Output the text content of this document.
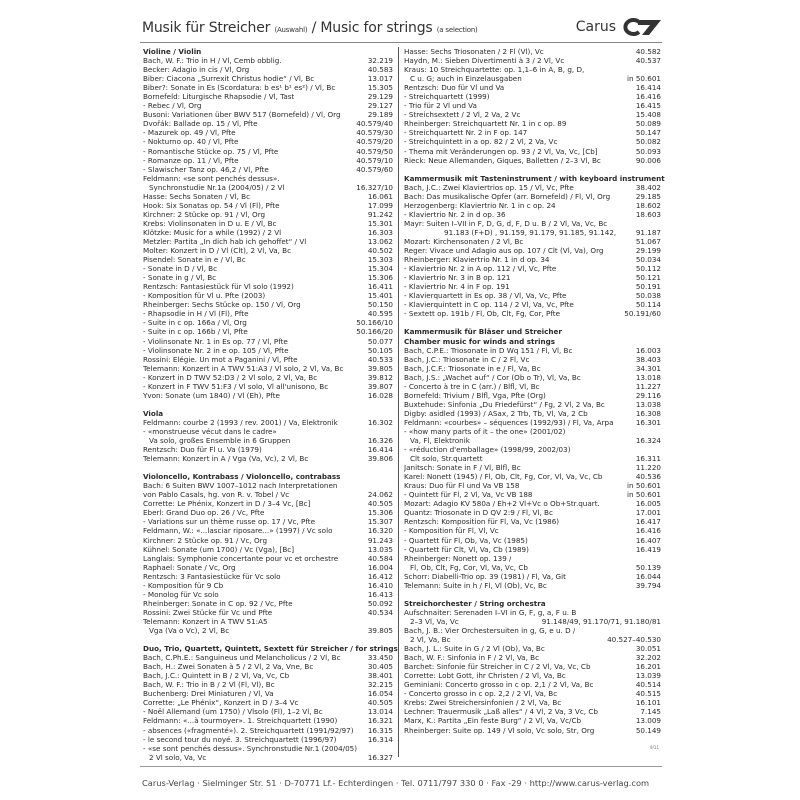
Musik für Streicher (Auswahl) / Music for strings (a selection)	Carus
Violine / Violin
Bach, W. F.: Trio in H / Vl, Cemb obblig.	32.219
Becker: Adagio in cis / Vl, Org	40.583
Biber: Ciacona „Surrexit Christus hodie“ / Vl, Bc	13.017
Biber?: Sonate in Es (Scordatura: b es¹ b¹ es²) / Vl, Bc	15.305
Bornefeld: Liturgische Rhapsodie / Vl, Tast	29.129
- Rebec / Vl, Org	29.127
Busoni: Variationen über BWV 517 (Bornefeld) / Vl, Org	29.189
Dvořák: Ballade op. 15 / Vl, Pfte	40.579/40
- Mazurek op. 49 / Vl, Pfte	40.579/30
- Nokturno op. 40 / Vl, Pfte	40.579/20
- Romantische Stücke op. 75 / Vl, Pfte	40.579/50
- Romanze op. 11 / Vl, Pfte	40.579/10
- Slawischer Tanz op. 46,2 / Vl, Pfte	40.579/60
Feldmann: «se sont penchés dessus».
Synchronstudie Nr.1a (2004/05) / 2 Vl	16.327/10
Hasse: Sechs Sonaten / Vl, Bc	16.061
Hook: Six Sonatas op. 54 / Vl (Fl), Pfte	17.099
Kirchner: 2 Stücke op. 91 / Vl, Org	91.242
Krebs: Violinsonaten in D u. E / Vl, Bc	15.301
Klötzke: Music for a while (1992) / 2 Vl	16.303
Metzler: Partita „In dich hab ich gehoffet“ / Vl	13.062
Molter: Konzert in D / Vl (Clt), 2 Vl, Va, Bc	40.502
Pisendel: Sonate in e / Vl, Bc	15.303
- Sonate in D / Vl, Bc	15.304
- Sonate in g / Vl, Bc	15.306
Rentzsch: Fantasiestück für Vl solo (1992)	16.411
- Komposition für Vl u. Pfte (2003)	15.401
Rheinberger: Sechs Stücke op. 150 / Vl, Org	50.150
- Rhapsodie in H / Vl (Fl), Pfte	40.595
- Suite in c op. 166a / Vl, Org	50.166/10
- Suite in c op. 166b / Vl, Pfte	50.166/20
- Violinsonate Nr. 1 in Es op. 77 / Vl, Pfte	50.077
- Violinsonate Nr. 2 in e op. 105 / Vl, Pfte	50.105
Rossini: Elégie. Un mot a Paganini / Vl, Pfte	40.533
Telemann: Konzert in A TWV 51:A3 / Vl solo, 2 Vl, Va, Bc	39.805
- Konzert in D TWV 52:D3 / 2 Vl solo, 2 Vl, Va, Bc	39.812
- Konzert in F TWV 51:F3 / Vl solo, Vl all'unisono, Bc	39.807
Yvon: Sonate (um 1840) / Vl (Eh), Pfte	16.028
Viola
Feldmann: courbe 2 (1993 / rev. 2001) / Va, Elektronik	16.302
- «monstrueuse vécut dans le cadre»
Va solo, großes Ensemble in 6 Gruppen	16.326
Rentzsch: Duo für Fl u. Va (1979)	16.414
Telemann: Konzert in A / Vga (Va, Vc), 2 Vl, Bc	39.806
Violoncello, Kontrabass / Violoncello, contrabass
Bach: 6 Suiten BWV 1007–1012 nach Interpretationen
von Pablo Casals, hg. von R. v. Tobel / Vc	24.062
Corrette: Le Phénix, Konzert in D / 3–4 Vc, [Bc]	40.505
Eberl: Grand Duo op. 26 / Vc, Pfte	15.306
- Variations sur un thème russe op. 17 / Vc, Pfte	15.307
Feldmann, W.: «...lasciar riposare...» (1997) / Vc solo	16.320
Kirchner: 2 Stücke op. 91 / Vc, Org	91.243
Kühnel: Sonate (um 1700) / Vc (Vga), [Bc]	13.035
Langlais: Symphonie concertante pour vc et orchestre	40.584
Raphael: Sonate / Vc, Org	16.004
Rentzsch: 3 Fantasiestücke für Vc solo	16.412
- Komposition für 9 Cb	16.410
- Monolog für Vc solo	16.413
Rheinberger: Sonate in C op. 92 / Vc, Pfte	50.092
Rossini: Zwei Stücke für Vc und Pfte	40.534
Telemann: Konzert in A TWV 51:A5
Vga (Va o Vc), 2 Vl, Bc	39.805
Duo, Trio, Quartett, Quintett, Sextett für Streicher / for strings
Bach, C.Ph.E.: Sanguineus und Melancholicus / 2 Vl, Bc	33.450
Bach, H.: Zwei Sonaten à 5 / 2 Vl, 2 Va, Vne, Bc	30.405
Bach, J.C.: Quintett in B / 2 Vl, Va, Vc, Cb	38.401
Bach, W. F.: Trio in B / 2 Vl (Fl, Vl), Bc	32.215
Buchenberg: Drei Miniaturen / Vl, Va	16.054
Corrette: „Le Phénix“, Konzert in D / 3–4 Vc	40.505
- Noël Allemand (um 1750) / Vlsolo (Fl), 1–2 Vl, Bc	13.014
Feldmann: «...à tourmoyer». 1. Streichquartett (1990)	16.321
- absences («fragmenté»). 2. Streichquartett (1991/92/97)	16.315
- le second tour du noyé. 3. Streichquartett (1996/97)	16.314
- «se sont penchés dessus». Synchronstudie Nr.1 (2004/05)
2 Vl solo, Va, Vc	16.327
Hasse: Sechs Triosonaten / 2 Fl (Vl), Vc	40.582
Haydn, M.: Sieben Divertimenti à 3 / 2 Vl, Vc	40.537
Kraus: 10 Streichquartette: op. 1,1–6 in A, B, g, D,
C u. G; auch in Einzelausgaben	in 50.601
Rentzsch: Duo für Vl und Va	16.414
- Streichquartett (1999)	16.416
- Trio für 2 Vl und Va	16.415
- Streichsextett / 2 Vl, 2 Va, 2 Vc	15.408
Rheinberger: Streichquartett Nr. 1 in c op. 89	50.089
- Streichquartett Nr. 2 in F op. 147	50.147
- Streichquintett in a op. 82 / 2 Vl, 2 Va, Vc	50.082
- Thema mit Veränderungen op. 93 / 2 Vl, Va, Vc, [Cb]	50.093
Rieck: Neue Allemanden, Giques, Balletten / 2–3 Vl, Bc	90.006
Kammermusik mit Tasteninstrument / with keyboard instrument
Bach, J.C.: Zwei Klaviertrios op. 15 / Vl, Vc, Pfte	38.402
Bach: Das musikalische Opfer (arr. Bornefeld) / Fl, Vl, Org	29.185
Herzogenberg: Klaviertrio Nr. 1 in c op. 24	18.602
- Klaviertrio Nr. 2 in d op. 36	18.603
Mayr: Suiten I–VII in F, D, G, d, F, D u. B / 2 Vl, Va, Vc, Bc
91.183 (F+D) , 91.159, 91.179, 91.185, 91.142,	91.187
Mozart: Kirchensonaten / 2 Vl, Bc	51.067
Reger: Vivace und Adagio aus op. 107 / Clt (Vl, Va), Org	29.199
Rheinberger: Klaviertrio Nr. 1 in d op. 34	50.034
- Klaviertrio Nr. 2 in A op. 112 / Vl, Vc, Pfte	50.112
- Klaviertrio Nr. 3 in B op. 121	50.121
- Klaviertrio Nr. 4 in F op. 191	50.191
- Klavierquartett in Es op. 38 / Vl, Va, Vc, Pfte	50.038
- Klavierquintett in C op. 114 / 2 Vl, Va, Vc, Pfte	50.114
- Sextett op. 191b / Fl, Ob, Clt, Fg, Cor, Pfte	50.191/60
Kammermusik für Bläser und Streicher
Chamber music for winds and strings
Bach, C.P.E.: Triosonate in D Wq 151 / Fl, Vl, Bc	16.003
Bach, J.C.: Triosonate in C / 2 Fl, Vc	38.403
Bach, J.C.F.: Triosonate in e / Fl, Va, Bc	34.301
Bach, J.S.: „Wachet auf“ / Cor (Ob o Tr), Vl, Va, Bc	13.018
- Concerto à tre in C (arr.) / Blfl, Vl, Bc	11.227
Bornefeld: Trivium / Blfl, Vga, Pfte (Org)	29.116
Buxtehude: Sinfonia „Du Friedefürst“ / Fg, 2 Vl, 2 Va, Bc	13.038
Digby: asidled (1993) / ASax, 2 Trb, Tb, Vl, Va, 2 Cb	16.308
Feldmann: «courbes» – séquences (1992/93) / Fl, Va, Arpa	16.301
- «how many parts of it – the one» (2001/02)
Va, Fl, Elektronik	16.324
- «réduction d'emballage» (1998/99, 2002/03)
Clt solo, Str.quartett	16.311
Janitsch: Sonate in F / Vl, Blfl, Bc	11.220
Karel: Nonett (1945) / Fl, Ob, Clt, Fg, Cor, Vl, Va, Vc, Cb	40.536
Kraus: Duo für Fl und Va VB 158	in 50.601
- Quintett für Fl, 2 Vl, Va, Vc VB 188	in 50.601
Mozart: Adagio KV 580a / Eh+2 Vl+Vc o Ob+Str.quart.	16.005
Quantz: Triosonate in D QV 2:9 / Fl, Vl, Bc	17.001
Rentzsch: Komposition für Fl, Va, Vc (1986)	16.417
- Komposition für Fl, Vl, Vc	16.416
- Quartett für Fl, Ob, Va, Vc (1985)	16.407
- Quartett für Clt, Vl, Va, Cb (1989)	16.419
Rheinberger: Nonett op. 139 /
Fl, Ob, Clt, Fg, Cor, Vl, Va, Vc, Cb	50.139
Schorr: Diabelli-Trio op. 39 (1981) / Fl, Va, Git	16.044
Telemann: Suite in h / Fl, Vl (Ob), Vc, Bc	39.794
Streichorchester / String orchestra
Aufschnaiter: Serenaden I–VI in G, F, g, a, F u. B
2–3 Vl, Va, Vc	91.148/49, 91.170/71, 91.180/81
Bach, J. B.: Vier Orchestersuiten in g, G, e u. D /
2 Vl, Va, Bc	40.527–40.530
Bach, J. L.: Suite in G / 2 Vl (Ob), Va, Bc	30.051
Bach, W. F.: Sinfonia in F / 2 Vl, Va, Bc	32.202
Barchet: Sinfonie für Streicher in C / 2 Vl, Va, Vc, Cb	16.201
Corrette: Lobt Gott, ihr Christen / 2 Vl, Va, Bc	13.039
Geminiani: Concerto grosso in c op. 2,1 / 2 Vl, Va, Bc	40.514
- Concerto grosso in c op. 2,2 / 2 Vl, Va, Bc	40.515
Krebs: Zwei Streichersinfonien / 2 Vl, Va, Bc	16.101
Lechner: Trauermusik „Laß alles“ / 4 Vl, 2 Va, 3 Vc, Cb	7.145
Marx, K.: Partita „Ein feste Burg“ / 2 Vl, Va, Vc/Cb	13.009
Rheinberger: Suite op. 149 / Vl solo, Vc solo, Str, Org	50.149
9/11
Carus-Verlag · Sielminger Str. 51 · D-70771 Lf.- Echterdingen · Tel. 0711/797 330 0 · Fax -29 · http://www.carus-verlag.com
